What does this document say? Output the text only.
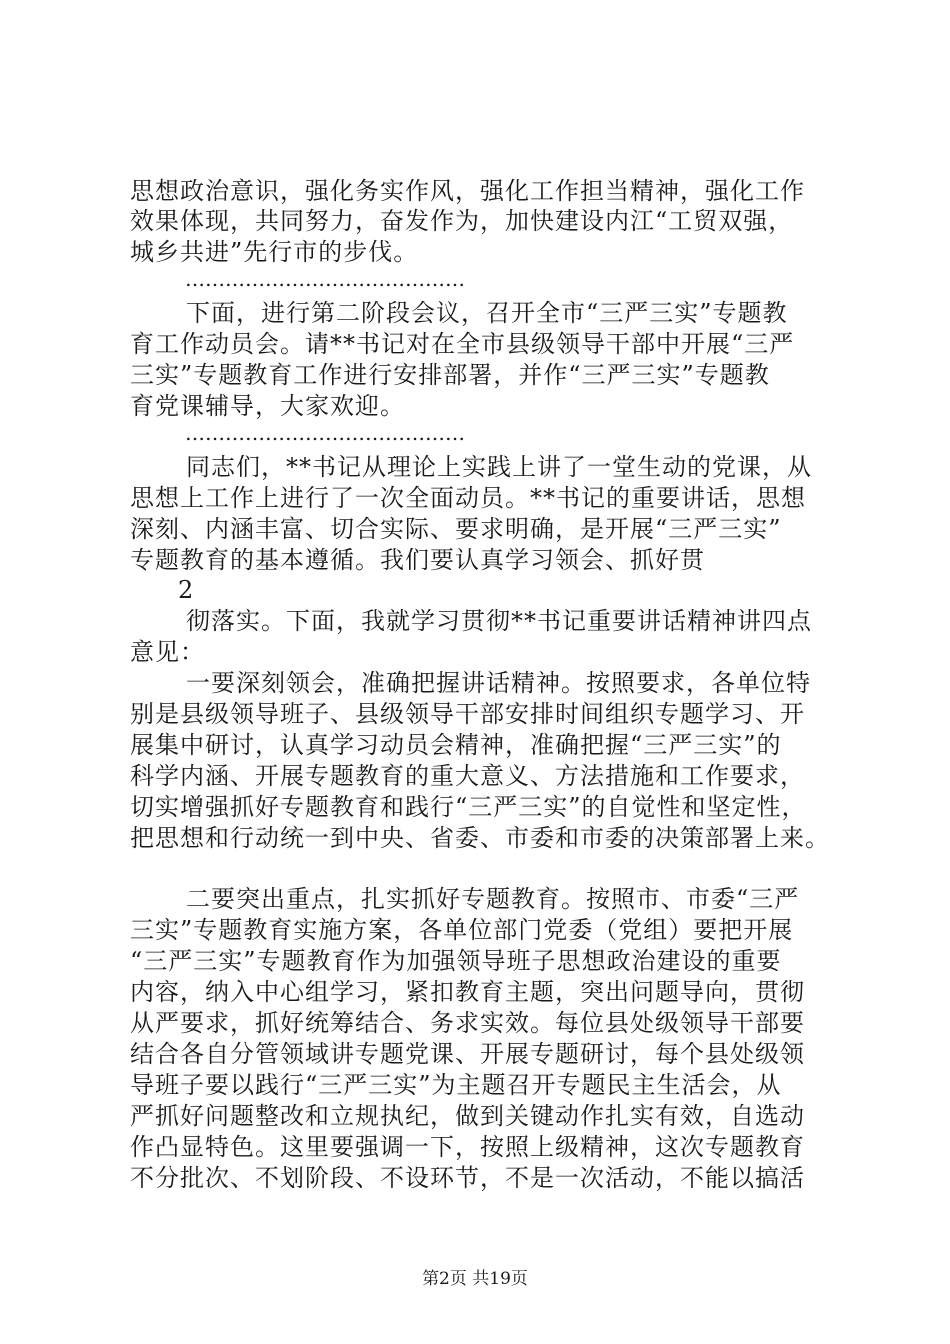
思想政治意识，强化务实作风，强化工作担当精神，强化工作
效果体现，共同努力，奋发作为，加快建设内江“工贸双强，
城乡共进”先行市的步伐。
……………………………………
下面，进行第二阶段会议，召开全市“三严三实”专题教
育工作动员会。请**书记对在全市县级领导干部中开展“三严
三实”专题教育工作进行安排部署，并作“三严三实”专题教
育党课辅导，大家欢迎。
……………………………………
同志们，**书记从理论上实践上讲了一堂生动的党课，从
思想上工作上进行了一次全面动员。**书记的重要讲话，思想
深刻、内涵丰富、切合实际、要求明确，是开展“三严三实”
专题教育的基本遵循。我们要认真学习领会、抓好贯
2
彻落实。下面，我就学习贯彻**书记重要讲话精神讲四点
意见：
一要深刻领会，准确把握讲话精神。按照要求，各单位特
别是县级领导班子、县级领导干部安排时间组织专题学习、开
展集中研讨，认真学习动员会精神，准确把握“三严三实”的
科学内涵、开展专题教育的重大意义、方法措施和工作要求，
切实增强抓好专题教育和践行“三严三实”的自觉性和坚定性，
把思想和行动统一到中央、省委、市委和市委的决策部署上来。
二要突出重点，扎实抓好专题教育。按照市、市委“三严
三实”专题教育实施方案，各单位部门党委（党组）要把开展
“三严三实”专题教育作为加强领导班子思想政治建设的重要
内容，纳入中心组学习，紧扣教育主题，突出问题导向，贯彻
从严要求，抓好统筹结合、务求实效。每位县处级领导干部要
结合各自分管领域讲专题党课、开展专题研讨，每个县处级领
导班子要以践行“三严三实”为主题召开专题民主生活会，从
严抓好问题整改和立规执纪，做到关键动作扎实有效，自选动
作凸显特色。这里要强调一下，按照上级精神，这次专题教育
不分批次、不划阶段、不设环节，不是一次活动，不能以搞活
第2页 共19页
